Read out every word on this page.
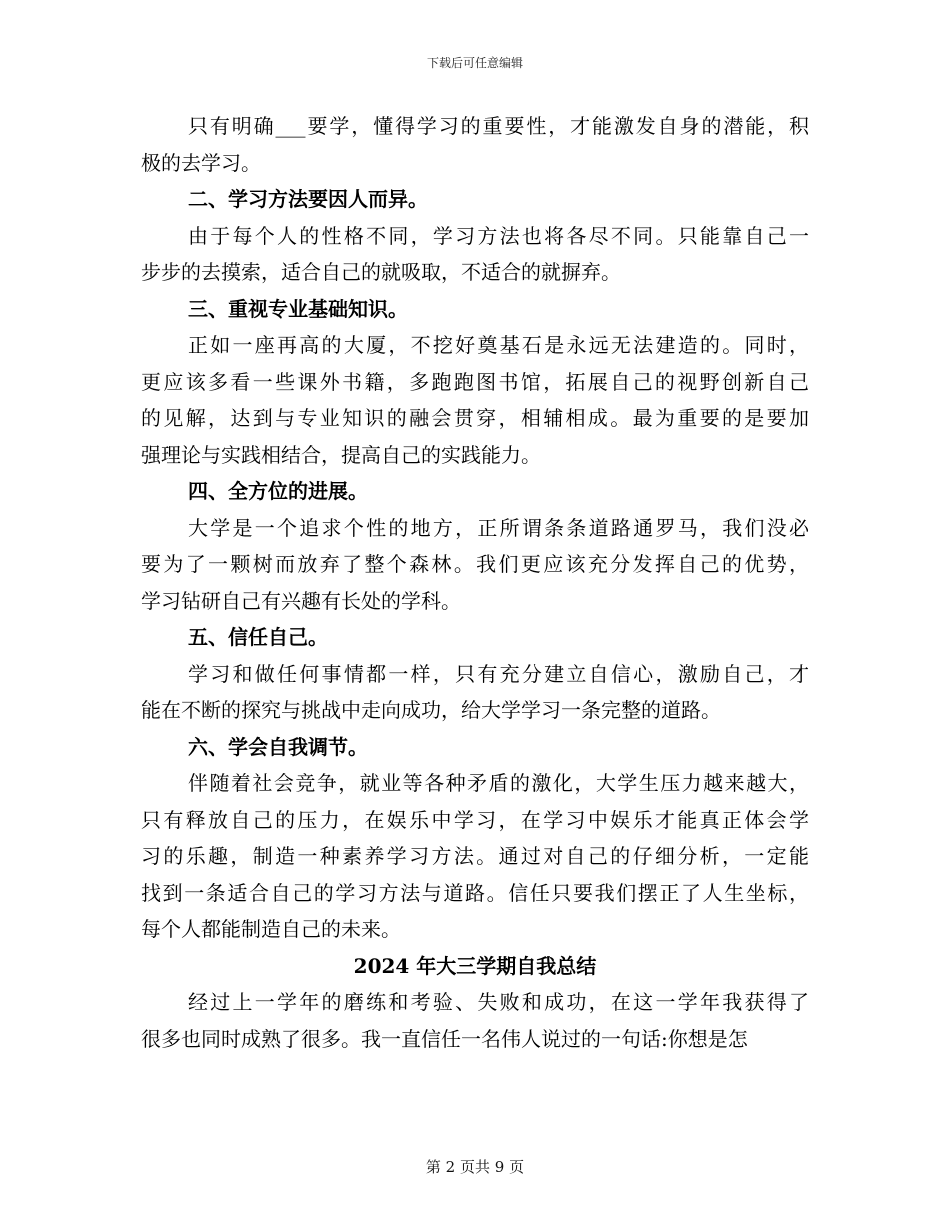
下载后可任意编辑
只有明确___要学，懂得学习的重要性，才能激发自身的潜能，积
极的去学习。
二、学习方法要因人而异。
由于每个人的性格不同，学习方法也将各尽不同。只能靠自己一
步步的去摸索，适合自己的就吸取，不适合的就摒弃。
三、重视专业基础知识。
正如一座再高的大厦，不挖好奠基石是永远无法建造的。同时，
更应该多看一些课外书籍，多跑跑图书馆，拓展自己的视野创新自己
的见解，达到与专业知识的融会贯穿，相辅相成。最为重要的是要加
强理论与实践相结合，提高自己的实践能力。
四、全方位的进展。
大学是一个追求个性的地方，正所谓条条道路通罗马，我们没必
要为了一颗树而放弃了整个森林。我们更应该充分发挥自己的优势，
学习钻研自己有兴趣有长处的学科。
五、信任自己。
学习和做任何事情都一样，只有充分建立自信心，激励自己，才
能在不断的探究与挑战中走向成功，给大学学习一条完整的道路。
六、学会自我调节。
伴随着社会竞争，就业等各种矛盾的激化，大学生压力越来越大，
只有释放自己的压力，在娱乐中学习，在学习中娱乐才能真正体会学
习的乐趣，制造一种素养学习方法。通过对自己的仔细分析，一定能
找到一条适合自己的学习方法与道路。信任只要我们摆正了人生坐标，
每个人都能制造自己的未来。
2024 年大三学期自我总结
经过上一学年的磨练和考验、失败和成功，在这一学年我获得了
很多也同时成熟了很多。我一直信任一名伟人说过的一句话:你想是怎
第 2 页共 9 页
